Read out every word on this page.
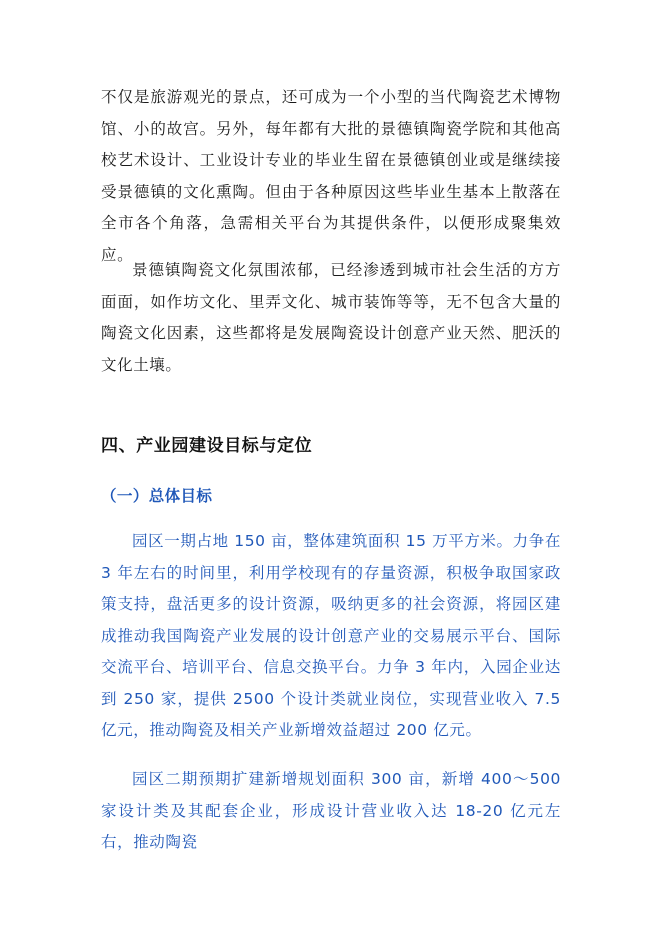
不仅是旅游观光的景点，还可成为一个小型的当代陶瓷艺术博物馆、小的故宫。另外，每年都有大批的景德镇陶瓷学院和其他高校艺术设计、工业设计专业的毕业生留在景德镇创业或是继续接受景德镇的文化熏陶。但由于各种原因这些毕业生基本上散落在全市各个角落，急需相关平台为其提供条件，以便形成聚集效应。

景德镇陶瓷文化氛围浓郁，已经渗透到城市社会生活的方方面面，如作坊文化、里弄文化、城市装饰等等，无不包含大量的陶瓷文化因素，这些都将是发展陶瓷设计创意产业天然、肥沃的文化土壤。

四、产业园建设目标与定位
（一）总体目标

园区一期占地 150 亩，整体建筑面积 15 万平方米。力争在 3 年左右的时间里，利用学校现有的存量资源，积极争取国家政策支持，盘活更多的设计资源，吸纳更多的社会资源，将园区建成推动我国陶瓷产业发展的设计创意产业的交易展示平台、国际交流平台、培训平台、信息交换平台。力争 3 年内，入园企业达到 250 家，提供 2500 个设计类就业岗位，实现营业收入 7.5 亿元，推动陶瓷及相关产业新增效益超过 200 亿元。

园区二期预期扩建新增规划面积 300 亩，新增 400～500 家设计类及其配套企业，形成设计营业收入达 18-20 亿元左右，推动陶瓷
